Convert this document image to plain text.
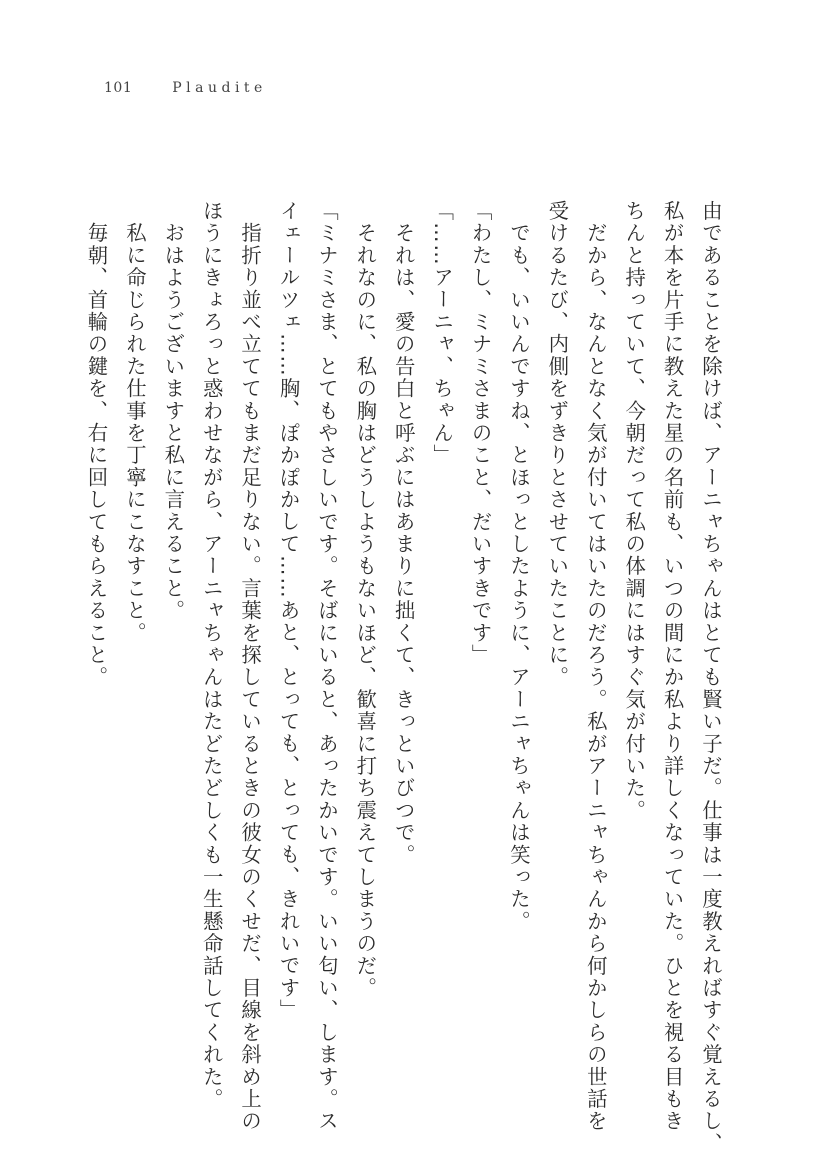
101	Plaudite

由であることを除けば、アーニャちゃんはとても賢い子だ。仕事は一度教えればすぐ覚えるし、

私が本を片手に教えた星の名前も、いつの間にか私より詳しくなっていた。ひとを視る目もき

ちんと持っていて、今朝だって私の体調にはすぐ気が付いた。

　だから、なんとなく気が付いてはいたのだろう。私がアーニャちゃんから何かしらの世話を

受けるたび、内側をずきりとさせていたことに。

　でも、いいんですね、とほっとしたように、アーニャちゃんは笑った。

「わたし、ミナミさまのこと、だいすきです」

「……アーニャ、ちゃん」

　それは、愛の告白と呼ぶにはあまりに拙くて、きっといびつで。

　それなのに、私の胸はどうしようもないほど、歓喜に打ち震えてしまうのだ。

「ミナミさま、とてもやさしいです。そばにいると、あったかいです。いい匂い、します。ス

イェールツェ……胸、ぽかぽかして……あと、とっても、とっても、きれいです」

　指折り並べ立ててもまだ足りない。言葉を探しているときの彼女のくせだ、目線を斜め上の

ほうにきょろっと惑わせながら、アーニャちゃんはたどたどしくも一生懸命話してくれた。

　おはようございますと私に言えること。

　私に命じられた仕事を丁寧にこなすこと。

　毎朝、首輪の鍵を、右に回してもらえること。
